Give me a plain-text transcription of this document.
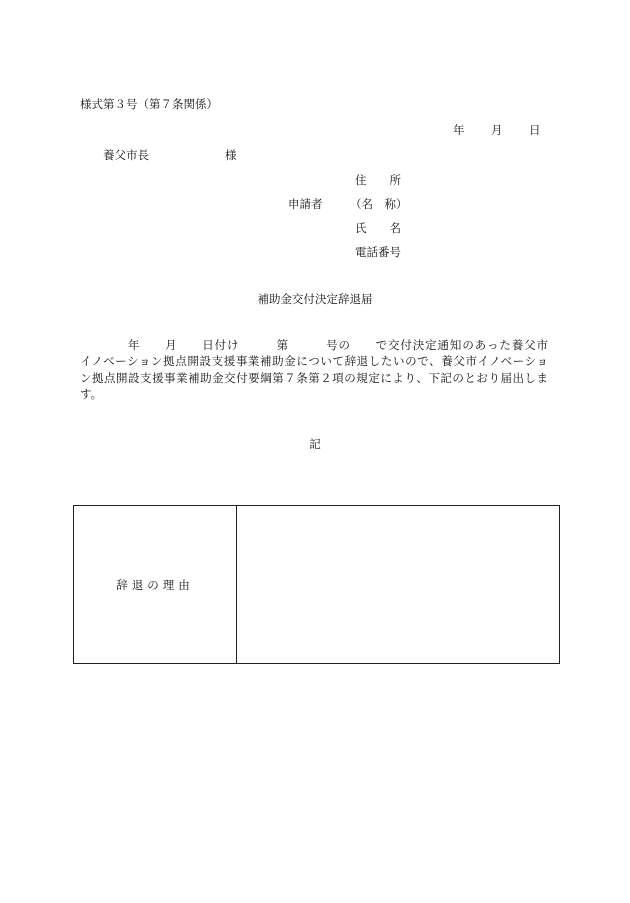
様式第３号（第７条関係）
年 月 日
養父市長	様
住　　所
申請者 （名　称）
氏　　名
電話番号
補助金交付決定辞退届
年　　月　　日付け　　　第　　　号の　　で交付決定通知のあった養父市
イノベーション拠点開設支援事業補助金について辞退したいので、養父市イノベーショ
ン拠点開設支援事業補助金交付要綱第７条第２項の規定により、下記のとおり届出しま
す。
記
辞退の理由	
